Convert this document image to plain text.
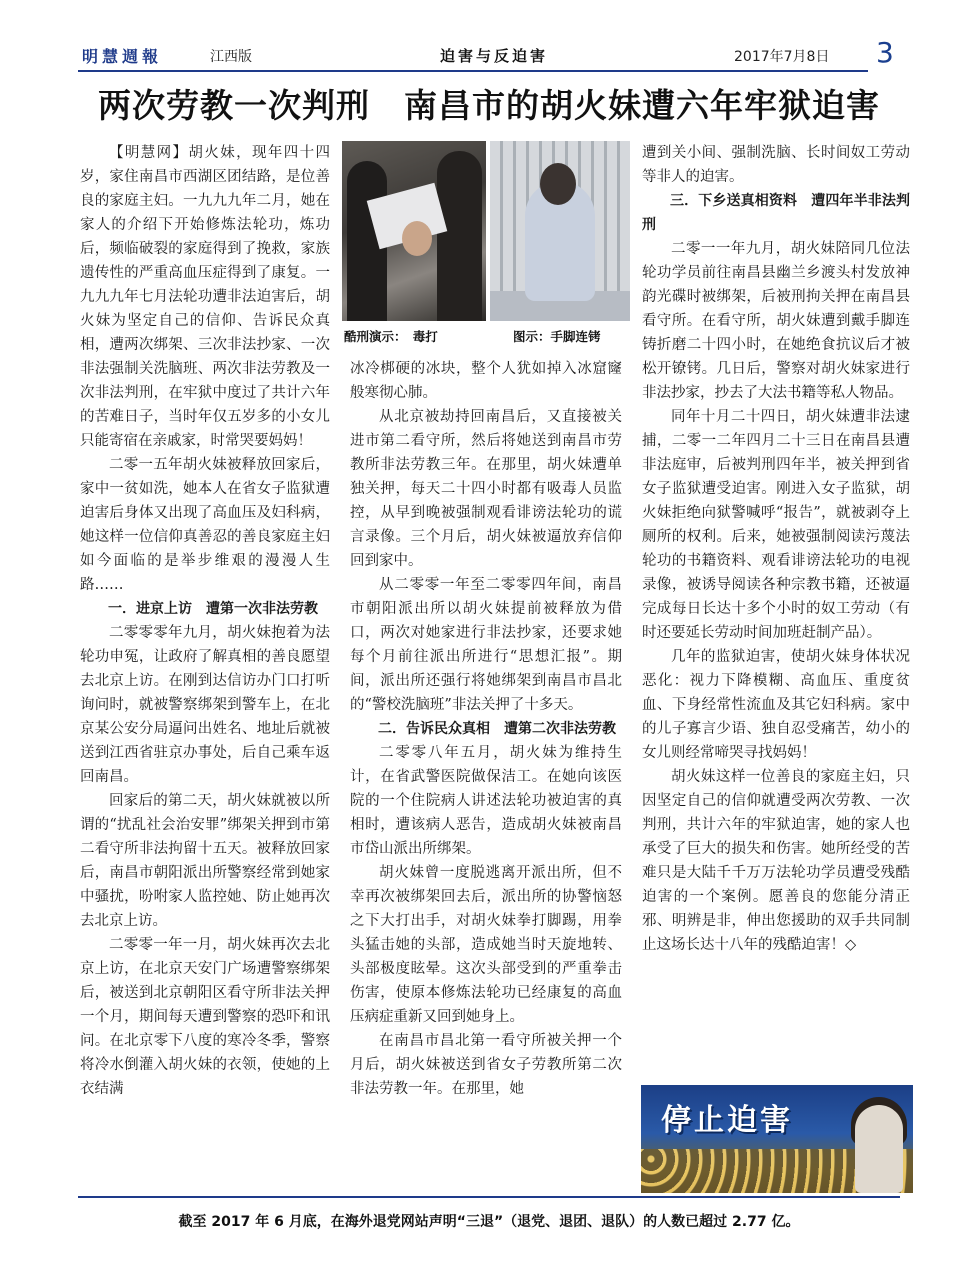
明慧週報	江西版	迫害与反迫害	2017年7月8日 3
两次劳教一次判刑　南昌市的胡火妹遭六年牢狱迫害

【明慧网】胡火妹，现年四十四岁，家住南昌市西湖区团结路，是位善良的家庭主妇。一九九九年二月，她在家人的介绍下开始修炼法轮功，炼功后，频临破裂的家庭得到了挽救，家族遗传性的严重高血压症得到了康复。一九九九年七月法轮功遭非法迫害后，胡火妹为坚定自己的信仰、告诉民众真相，遭两次绑架、三次非法抄家、一次非法强制关洗脑班、两次非法劳教及一次非法判刑，在牢狱中度过了共计六年的苦难日子，当时年仅五岁多的小女儿只能寄宿在亲戚家，时常哭要妈妈！

二零一五年胡火妹被释放回家后，家中一贫如洗，她本人在省女子监狱遭迫害后身体又出现了高血压及妇科病，她这样一位信仰真善忍的善良家庭主妇如今面临的是举步维艰的漫漫人生路……

一．进京上访　遭第一次非法劳教

二零零零年九月，胡火妹抱着为法轮功申冤，让政府了解真相的善良愿望去北京上访。在刚到达信访办门口打听询问时，就被警察绑架到警车上，在北京某公安分局逼问出姓名、地址后就被送到江西省驻京办事处，后自己乘车返回南昌。

回家后的第二天，胡火妹就被以所谓的“扰乱社会治安罪”绑架关押到市第二看守所非法拘留十五天。被释放回家后，南昌市朝阳派出所警察经常到她家中骚扰，吩咐家人监控她、防止她再次去北京上访。

二零零一年一月，胡火妹再次去北京上访，在北京天安门广场遭警察绑架后，被送到北京朝阳区看守所非法关押一个月，期间每天遭到警察的恐吓和讯问。在北京零下八度的寒冷冬季，警察将冷水倒灌入胡火妹的衣领，使她的上衣结满

酷刑演示：　毒打	图示：手脚连铐

冰冷梆硬的冰块，整个人犹如掉入冰窟窿般寒彻心肺。

从北京被劫持回南昌后，又直接被关进市第二看守所，然后将她送到南昌市劳教所非法劳教三年。在那里，胡火妹遭单独关押，每天二十四小时都有吸毒人员监控，从早到晚被强制观看诽谤法轮功的谎言录像。三个月后，胡火妹被逼放弃信仰回到家中。

从二零零一年至二零零四年间，南昌市朝阳派出所以胡火妹提前被释放为借口，两次对她家进行非法抄家，还要求她每个月前往派出所进行“思想汇报”。期间，派出所还强行将她绑架到南昌市昌北的“警校洗脑班”非法关押了十多天。

二．告诉民众真相　遭第二次非法劳教

二零零八年五月，胡火妹为维持生计，在省武警医院做保洁工。在她向该医院的一个住院病人讲述法轮功被迫害的真相时，遭该病人恶告，造成胡火妹被南昌市岱山派出所绑架。

胡火妹曾一度脱逃离开派出所，但不幸再次被绑架回去后，派出所的协警恼怒之下大打出手，对胡火妹拳打脚踢，用拳头猛击她的头部，造成她当时天旋地转、头部极度眩晕。这次头部受到的严重拳击伤害，使原本修炼法轮功已经康复的高血压病症重新又回到她身上。

在南昌市昌北第一看守所被关押一个月后，胡火妹被送到省女子劳教所第二次非法劳教一年。在那里，她

遭到关小间、强制洗脑、长时间奴工劳动等非人的迫害。

三．下乡送真相资料　遭四年半非法判刑

二零一一年九月，胡火妹陪同几位法轮功学员前往南昌县幽兰乡渡头村发放神韵光碟时被绑架，后被刑拘关押在南昌县看守所。在看守所，胡火妹遭到戴手脚连铸折磨二十四小时，在她绝食抗议后才被松开镣铐。几日后，警察对胡火妹家进行非法抄家，抄去了大法书籍等私人物品。

同年十月二十四日，胡火妹遭非法逮捕，二零一二年四月二十三日在南昌县遭非法庭审，后被判刑四年半，被关押到省女子监狱遭受迫害。刚进入女子监狱，胡火妹拒绝向狱警喊呼“报告”，就被剥夺上厕所的权利。后来，她被强制阅读污蔑法轮功的书籍资料、观看诽谤法轮功的电视录像，被诱导阅读各种宗教书籍，还被逼完成每日长达十多个小时的奴工劳动（有时还要延长劳动时间加班赶制产品）。

几年的监狱迫害，使胡火妹身体状况恶化：视力下降模糊、高血压、重度贫血、下身经常性流血及其它妇科病。家中的儿子寡言少语、独自忍受痛苦，幼小的女儿则经常啼哭寻找妈妈！

胡火妹这样一位善良的家庭主妇，只因坚定自己的信仰就遭受两次劳教、一次判刑，共计六年的牢狱迫害，她的家人也承受了巨大的损失和伤害。她所经受的苦难只是大陆千千万万法轮功学员遭受残酷迫害的一个案例。愿善良的您能分清正邪、明辨是非，伸出您援助的双手共同制止这场长达十八年的残酷迫害！◇

停止迫害
截至 2017 年 6 月底，在海外退党网站声明“三退”（退党、退团、退队）的人数已超过 2.77 亿。
